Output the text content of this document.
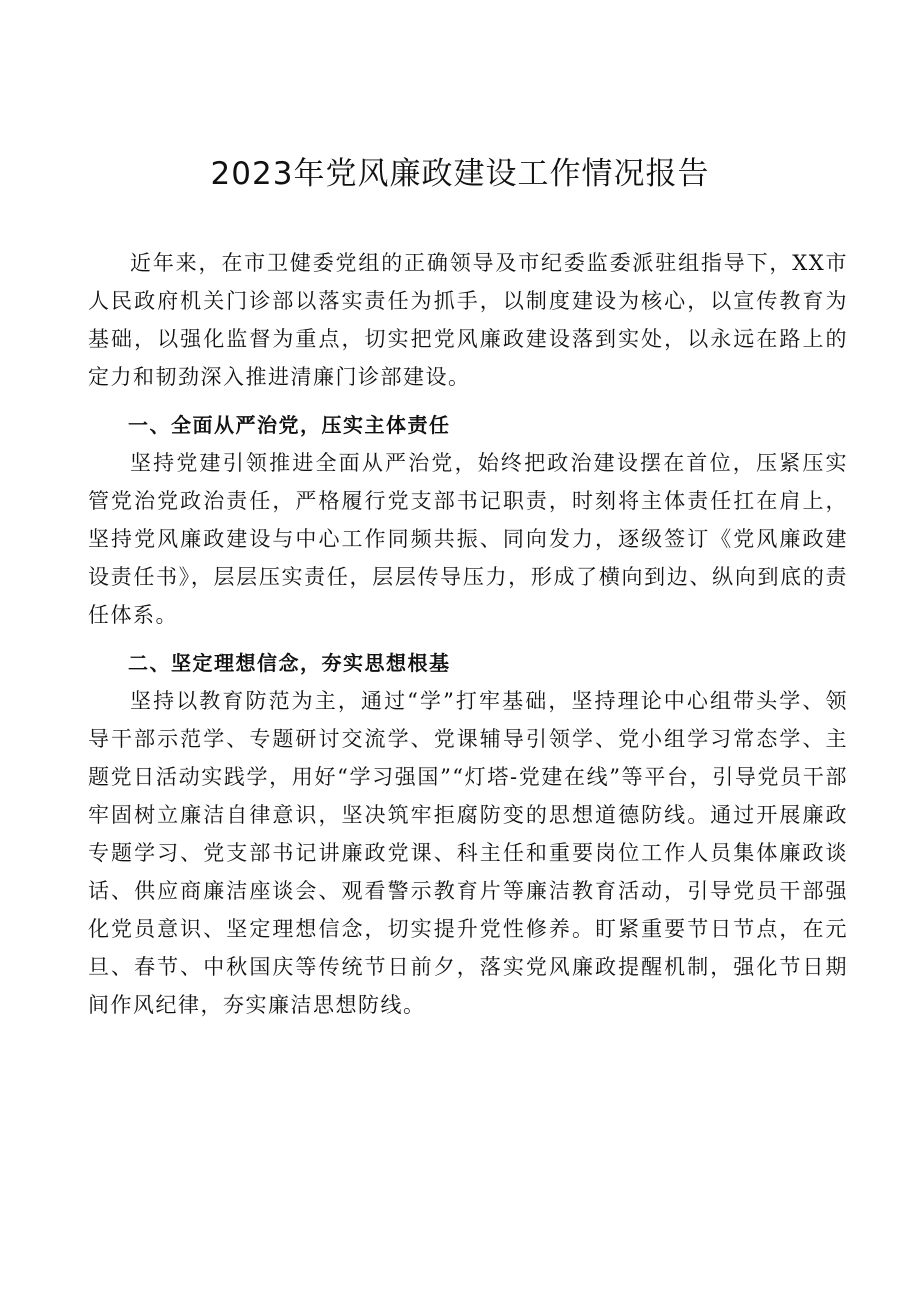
2023年党风廉政建设工作情况报告

近年来，在市卫健委党组的正确领导及市纪委监委派驻组指导下，XX市人民政府机关门诊部以落实责任为抓手，以制度建设为核心，以宣传教育为基础，以强化监督为重点，切实把党风廉政建设落到实处，以永远在路上的定力和韧劲深入推进清廉门诊部建设。

一、全面从严治党，压实主体责任

坚持党建引领推进全面从严治党，始终把政治建设摆在首位，压紧压实管党治党政治责任，严格履行党支部书记职责，时刻将主体责任扛在肩上，坚持党风廉政建设与中心工作同频共振、同向发力，逐级签订《党风廉政建设责任书》，层层压实责任，层层传导压力，形成了横向到边、纵向到底的责任体系。

二、坚定理想信念，夯实思想根基

坚持以教育防范为主，通过“学”打牢基础，坚持理论中心组带头学、领导干部示范学、专题研讨交流学、党课辅导引领学、党小组学习常态学、主题党日活动实践学，用好“学习强国”“灯塔-党建在线”等平台，引导党员干部牢固树立廉洁自律意识，坚决筑牢拒腐防变的思想道德防线。通过开展廉政专题学习、党支部书记讲廉政党课、科主任和重要岗位工作人员集体廉政谈话、供应商廉洁座谈会、观看警示教育片等廉洁教育活动，引导党员干部强化党员意识、坚定理想信念，切实提升党性修养。盯紧重要节日节点，在元旦、春节、中秋国庆等传统节日前夕，落实党风廉政提醒机制，强化节日期间作风纪律，夯实廉洁思想防线。
